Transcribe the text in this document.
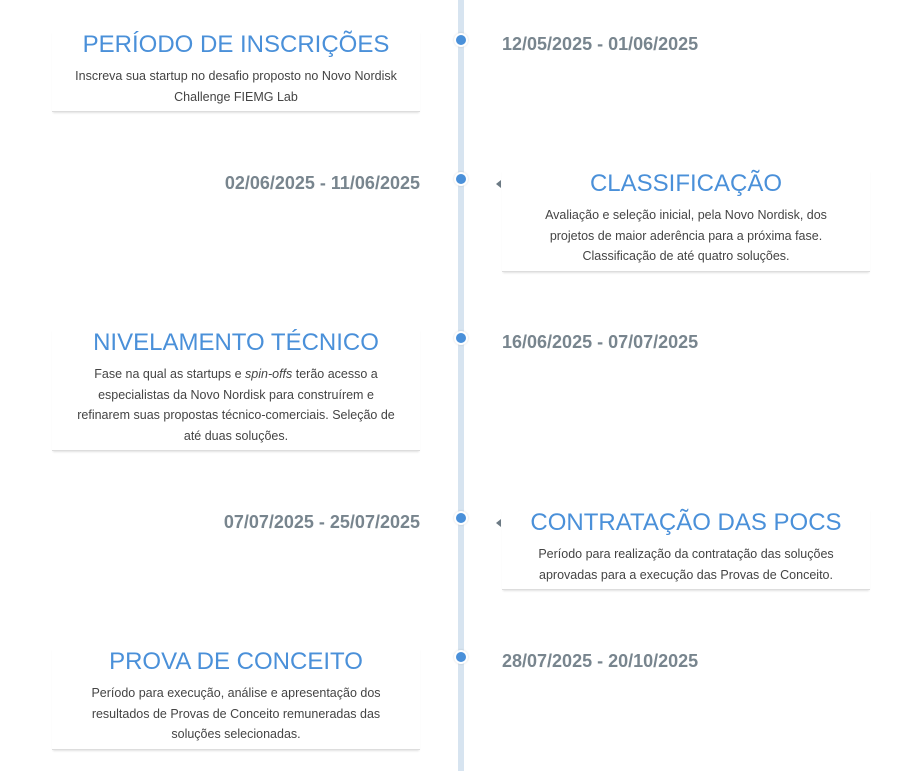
PERÍODO DE INSCRIÇÕES
Inscreva sua startup no desafio proposto no Novo Nordisk Challenge FIEMG Lab
12/05/2025 - 01/06/2025
CLASSIFICAÇÃO
Avaliação e seleção inicial, pela Novo Nordisk, dos projetos de maior aderência para a próxima fase. Classificação de até quatro soluções.
02/06/2025 - 11/06/2025
NIVELAMENTO TÉCNICO
Fase na qual as startups e spin-offs terão acesso a especialistas da Novo Nordisk para construírem e refinarem suas propostas técnico-comerciais. Seleção de até duas soluções.
16/06/2025 - 07/07/2025
CONTRATAÇÃO DAS POCS
Período para realização da contratação das soluções aprovadas para a execução das Provas de Conceito.
07/07/2025 - 25/07/2025
PROVA DE CONCEITO
Período para execução, análise e apresentação dos resultados de Provas de Conceito remuneradas das soluções selecionadas.
28/07/2025 - 20/10/2025
